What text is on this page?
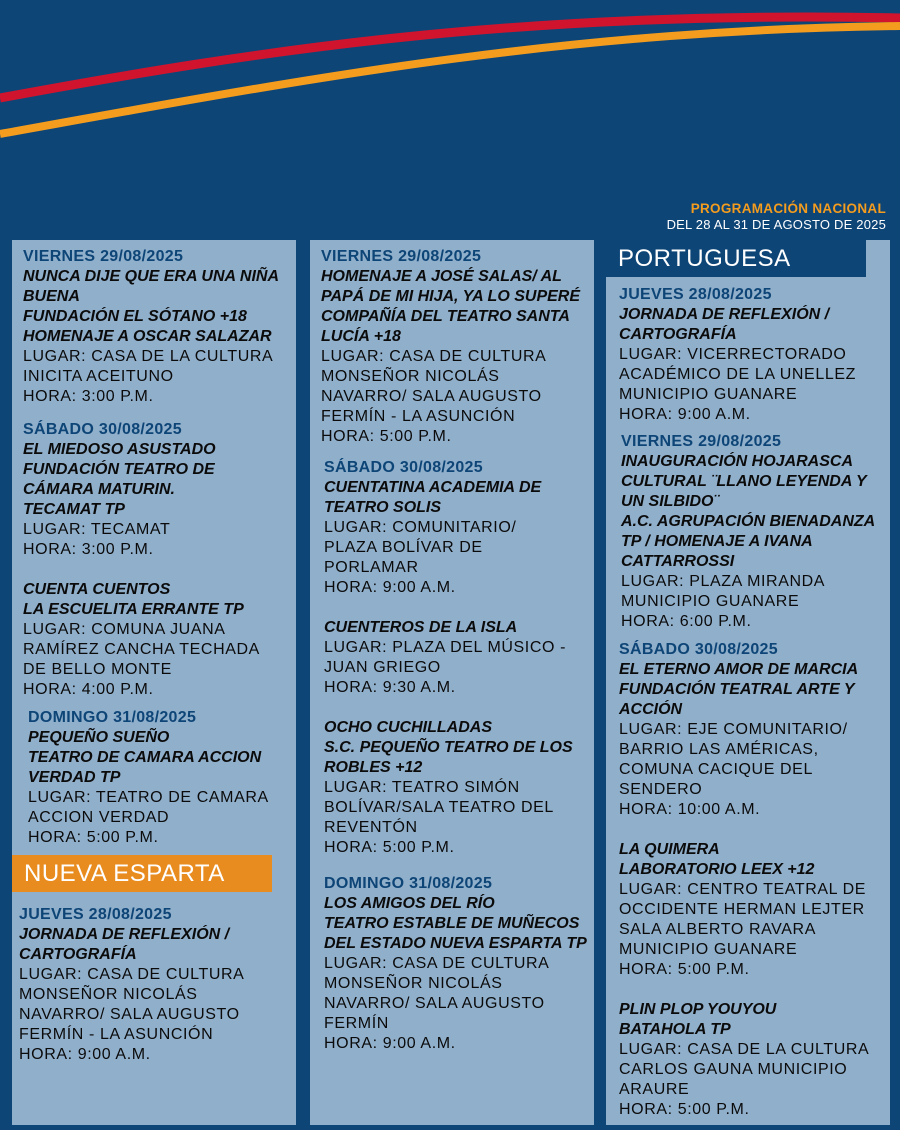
PROGRAMACIÓN NACIONAL
DEL 28 AL 31 DE AGOSTO DE 2025
NUEVA ESPARTA
PORTUGUESA
VIERNES 29/08/2025
NUNCA DIJE QUE ERA UNA NIÑA
BUENA
FUNDACIÓN EL SÓTANO +18
HOMENAJE A OSCAR SALAZAR
LUGAR: CASA DE LA CULTURA
INICITA ACEITUNO
HORA: 3:00 P.M.
SÁBADO 30/08/2025
EL MIEDOSO ASUSTADO
FUNDACIÓN TEATRO DE
CÁMARA MATURIN.
TECAMAT TP
LUGAR: TECAMAT
HORA: 3:00 P.M.
CUENTA CUENTOS
LA ESCUELITA ERRANTE TP
LUGAR: COMUNA JUANA
RAMÍREZ CANCHA TECHADA
DE BELLO MONTE
HORA: 4:00 P.M.
DOMINGO 31/08/2025
PEQUEÑO SUEÑO
TEATRO DE CAMARA ACCION
VERDAD TP
LUGAR: TEATRO DE CAMARA
ACCION VERDAD
HORA: 5:00 P.M.
JUEVES 28/08/2025
JORNADA DE REFLEXIÓN /
CARTOGRAFÍA
LUGAR: CASA DE CULTURA
MONSEÑOR NICOLÁS
NAVARRO/ SALA AUGUSTO
FERMÍN - LA ASUNCIÓN
HORA: 9:00 A.M.
VIERNES 29/08/2025
HOMENAJE A JOSÉ SALAS/ AL
PAPÁ DE MI HIJA, YA LO SUPERÉ
COMPAÑÍA DEL TEATRO SANTA
LUCÍA +18
LUGAR: CASA DE CULTURA
MONSEÑOR NICOLÁS
NAVARRO/ SALA AUGUSTO
FERMÍN - LA ASUNCIÓN
HORA: 5:00 P.M.
SÁBADO 30/08/2025
CUENTATINA ACADEMIA DE
TEATRO SOLIS
LUGAR: COMUNITARIO/
PLAZA BOLÍVAR DE
PORLAMAR
HORA: 9:00 A.M.
CUENTEROS DE LA ISLA
LUGAR: PLAZA DEL MÚSICO -
JUAN GRIEGO
HORA: 9:30 A.M.
OCHO CUCHILLADAS
S.C. PEQUEÑO TEATRO DE LOS
ROBLES +12
LUGAR: TEATRO SIMÓN
BOLÍVAR/SALA TEATRO DEL
REVENTÓN
HORA: 5:00 P.M.
DOMINGO 31/08/2025
LOS AMIGOS DEL RÍO
TEATRO ESTABLE DE MUÑECOS
DEL ESTADO NUEVA ESPARTA TP
LUGAR: CASA DE CULTURA
MONSEÑOR NICOLÁS
NAVARRO/ SALA AUGUSTO
FERMÍN
HORA: 9:00 A.M.
JUEVES 28/08/2025
JORNADA DE REFLEXIÓN /
CARTOGRAFÍA
LUGAR: VICERRECTORADO
ACADÉMICO DE LA UNELLEZ
MUNICIPIO GUANARE
HORA: 9:00 A.M.
VIERNES 29/08/2025
INAUGURACIÓN HOJARASCA
CULTURAL ¨LLANO LEYENDA Y
UN SILBIDO¨
A.C. AGRUPACIÓN BIENADANZA
TP / HOMENAJE A IVANA
CATTARROSSI
LUGAR: PLAZA MIRANDA
MUNICIPIO GUANARE
HORA: 6:00 P.M.
SÁBADO 30/08/2025
EL ETERNO AMOR DE MARCIA
FUNDACIÓN TEATRAL ARTE Y
ACCIÓN
LUGAR: EJE COMUNITARIO/
BARRIO LAS AMÉRICAS,
COMUNA CACIQUE DEL
SENDERO
HORA: 10:00 A.M.
LA QUIMERA
LABORATORIO LEEX +12
LUGAR: CENTRO TEATRAL DE
OCCIDENTE HERMAN LEJTER
SALA ALBERTO RAVARA
MUNICIPIO GUANARE
HORA: 5:00 P.M.
PLIN PLOP YOUYOU
BATAHOLA TP
LUGAR: CASA DE LA CULTURA
CARLOS GAUNA MUNICIPIO
ARAURE
HORA: 5:00 P.M.
